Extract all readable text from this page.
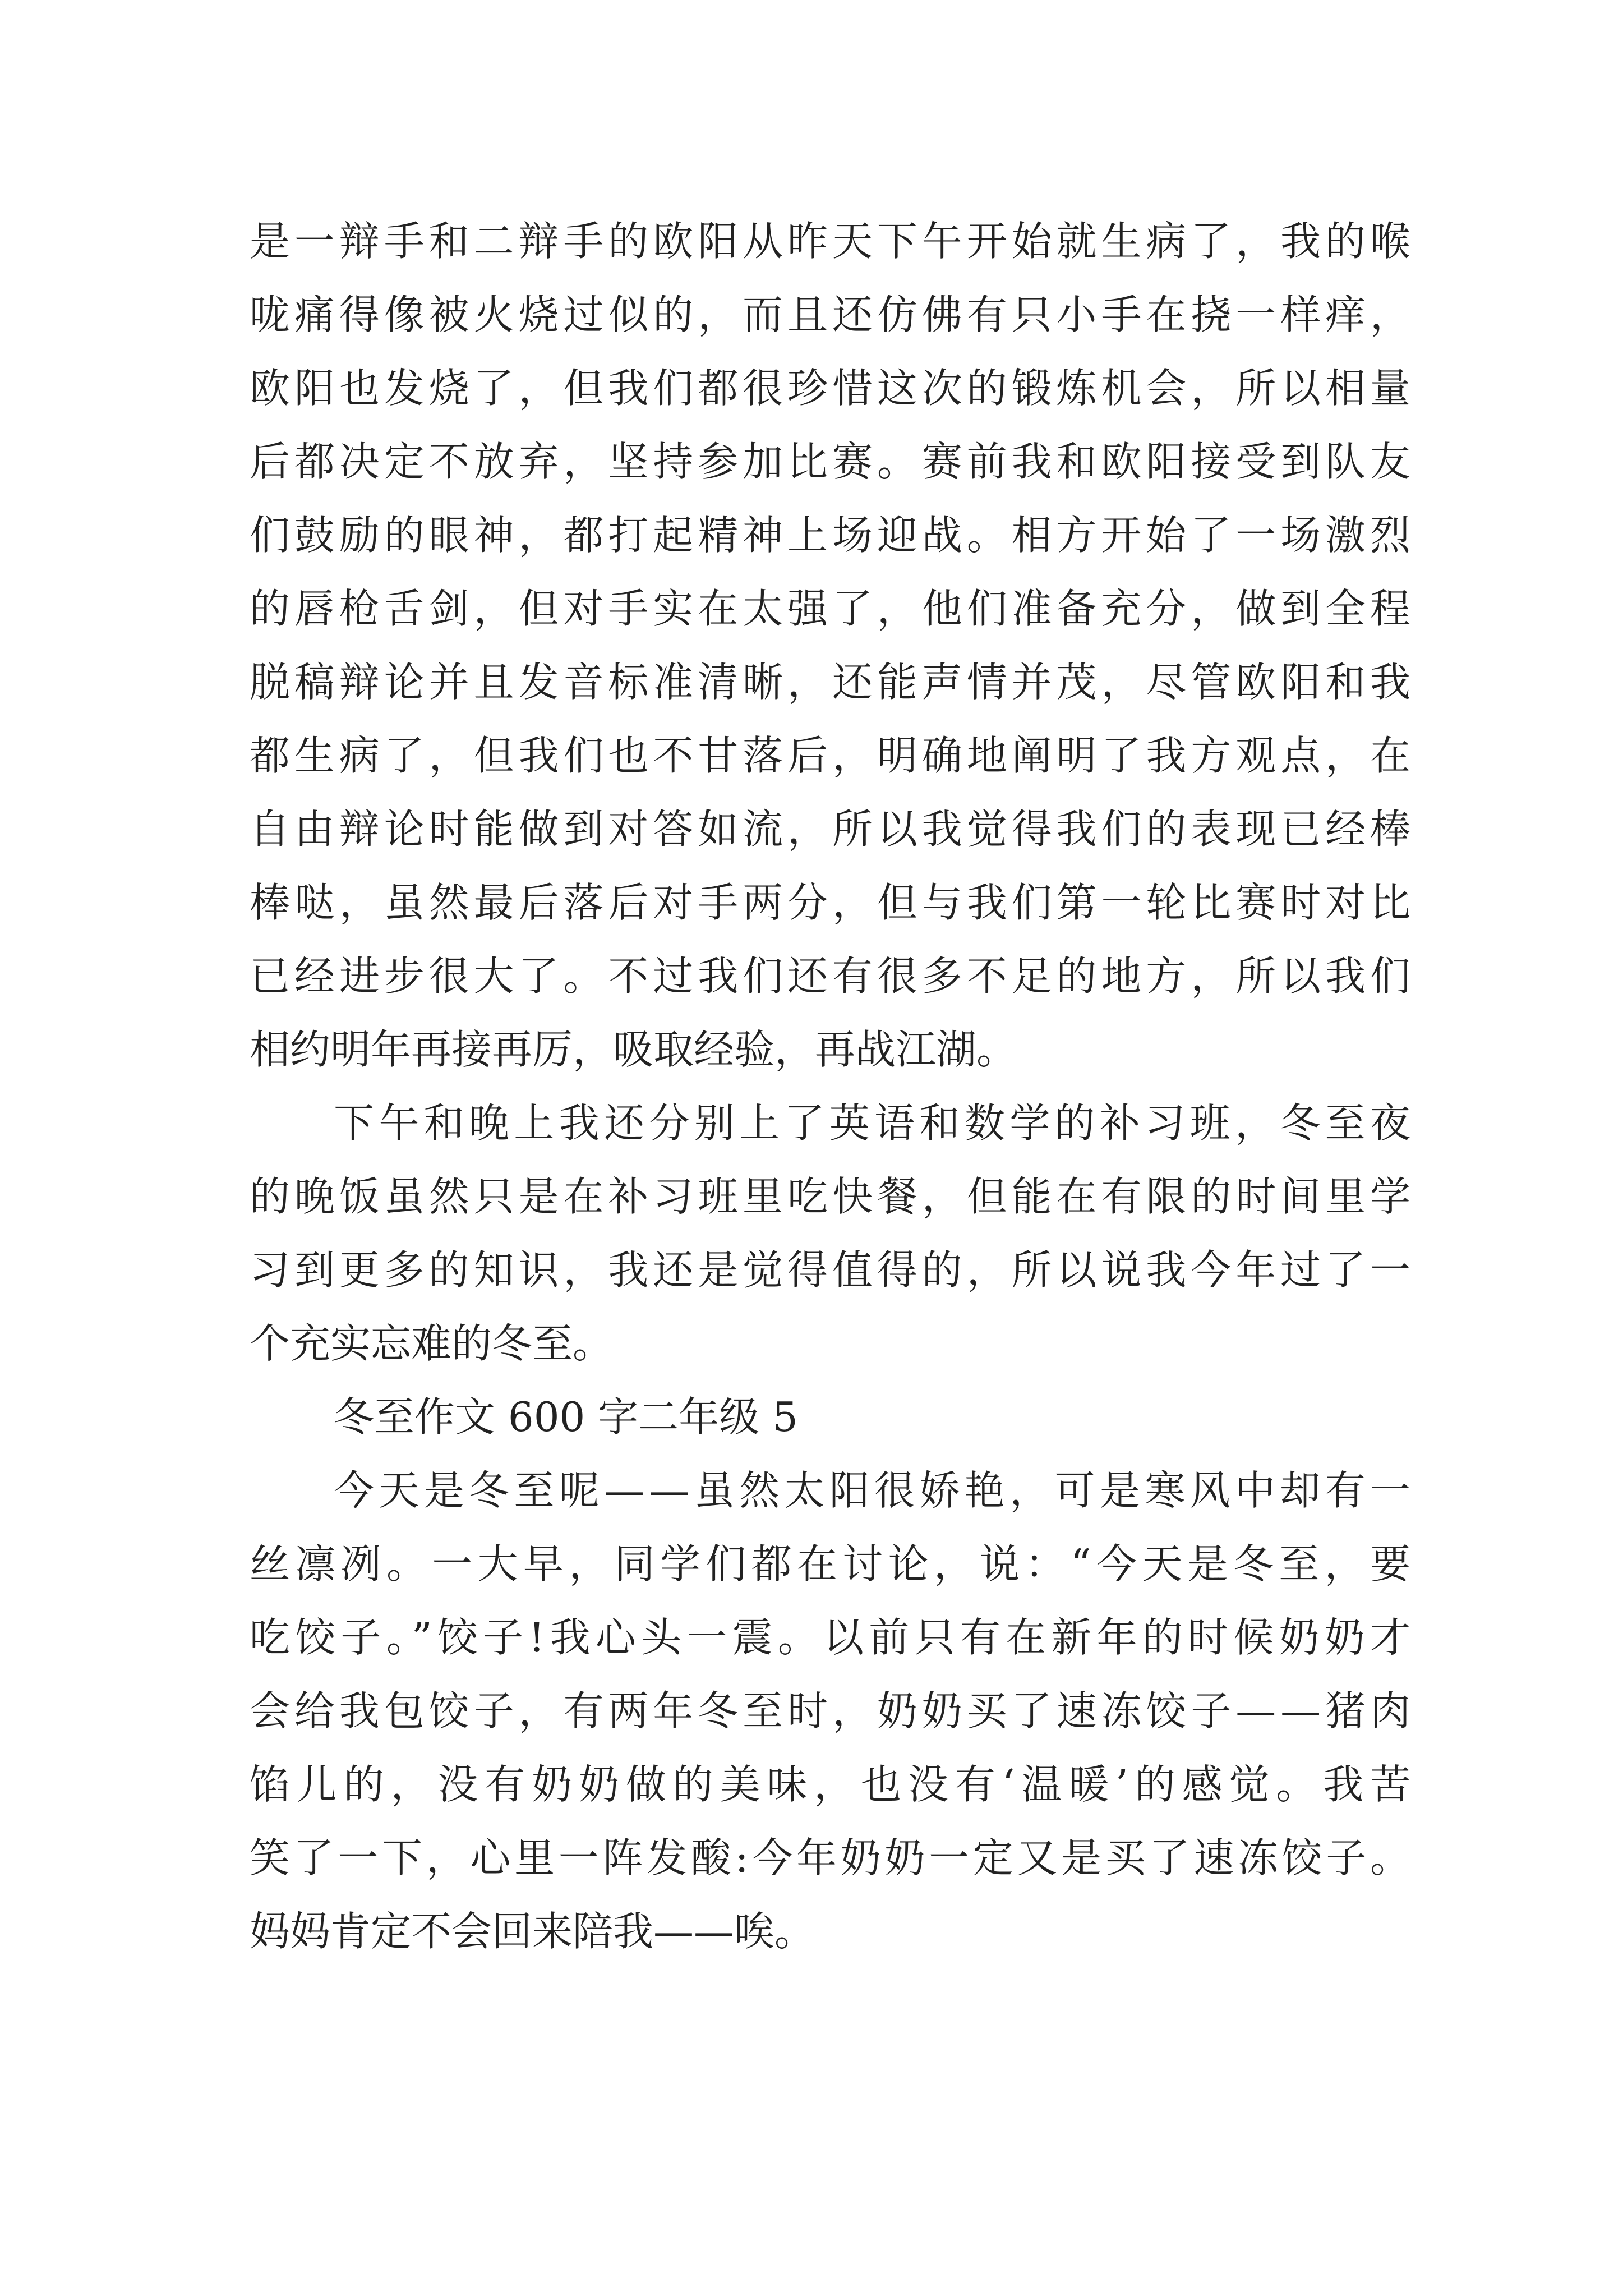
是一辩手和二辩手的欧阳从昨天下午开始就生病了，我的喉
咙痛得像被火烧过似的，而且还仿佛有只小手在挠一样痒，
欧阳也发烧了，但我们都很珍惜这次的锻炼机会，所以相量
后都决定不放弃，坚持参加比赛。赛前我和欧阳接受到队友
们鼓励的眼神，都打起精神上场迎战。相方开始了一场激烈
的唇枪舌剑，但对手实在太强了，他们准备充分，做到全程
脱稿辩论并且发音标准清晰，还能声情并茂，尽管欧阳和我
都生病了，但我们也不甘落后，明确地阐明了我方观点，在
自由辩论时能做到对答如流，所以我觉得我们的表现已经棒
棒哒，虽然最后落后对手两分，但与我们第一轮比赛时对比
已经进步很大了。不过我们还有很多不足的地方，所以我们
相约明年再接再厉，吸取经验，再战江湖。
下午和晚上我还分别上了英语和数学的补习班，冬至夜
的晚饭虽然只是在补习班里吃快餐，但能在有限的时间里学
习到更多的知识，我还是觉得值得的，所以说我今年过了一
个充实忘难的冬至。
冬至作文 600 字二年级 5
今天是冬至呢——虽然太阳很娇艳，可是寒风中却有一
丝凛冽。一大早，同学们都在讨论，说：“今天是冬至，要
吃饺子。”饺子!我心头一震。以前只有在新年的时候奶奶才
会给我包饺子，有两年冬至时，奶奶买了速冻饺子——猪肉
馅儿的，没有奶奶做的美味，也没有‘温暖’的感觉。我苦
笑了一下，心里一阵发酸:今年奶奶一定又是买了速冻饺子。
妈妈肯定不会回来陪我——唉。
